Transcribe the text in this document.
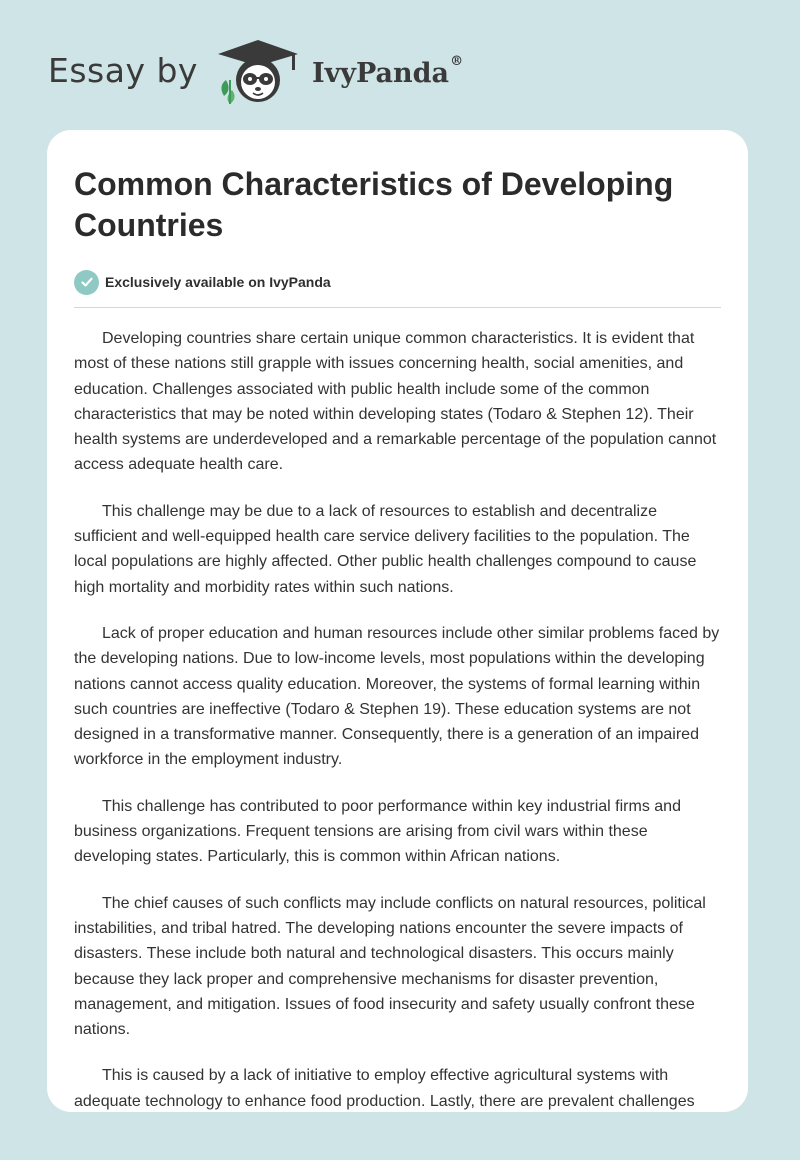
Essay by	IvyPanda®
Common Characteristics of Developing Countries
Exclusively available on IvyPanda

Developing countries share certain unique common characteristics. It is evident that most of these nations still grapple with issues concerning health, social amenities, and education. Challenges associated with public health include some of the common characteristics that may be noted within developing states (Todaro & Stephen 12). Their health systems are underdeveloped and a remarkable percentage of the population cannot access adequate health care.

This challenge may be due to a lack of resources to establish and decentralize sufficient and well-equipped health care service delivery facilities to the population. The local populations are highly affected. Other public health challenges compound to cause high mortality and morbidity rates within such nations.

Lack of proper education and human resources include other similar problems faced by the developing nations. Due to low-income levels, most populations within the developing nations cannot access quality education. Moreover, the systems of formal learning within such countries are ineffective (Todaro & Stephen 19). These education systems are not designed in a transformative manner. Consequently, there is a generation of an impaired workforce in the employment industry.

This challenge has contributed to poor performance within key industrial firms and business organizations. Frequent tensions are arising from civil wars within these developing states. Particularly, this is common within African nations.

The chief causes of such conflicts may include conflicts on natural resources, political instabilities, and tribal hatred. The developing nations encounter the severe impacts of disasters. These include both natural and technological disasters. This occurs mainly because they lack proper and comprehensive mechanisms for disaster prevention, management, and mitigation. Issues of food insecurity and safety usually confront these nations.

This is caused by a lack of initiative to employ effective agricultural systems with adequate technology to enhance food production. Lastly, there are prevalent challenges
